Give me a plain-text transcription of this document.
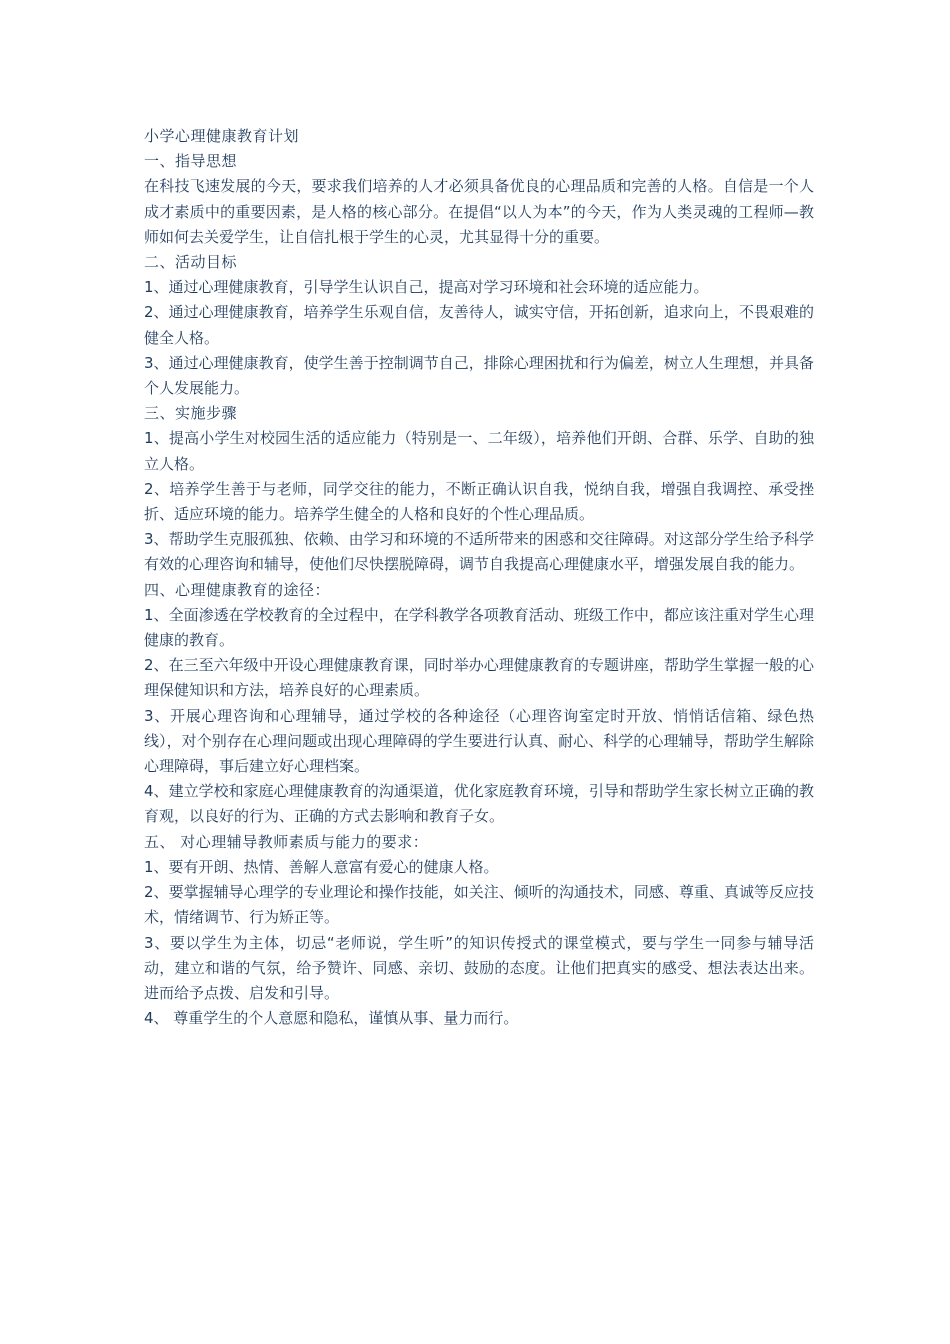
小学心理健康教育计划

一、指导思想

在科技飞速发展的今天，要求我们培养的人才必须具备优良的心理品质和完善的人格。自信是一个人成才素质中的重要因素，是人格的核心部分。在提倡“以人为本”的今天，作为人类灵魂的工程师—教师如何去关爱学生，让自信扎根于学生的心灵，尤其显得十分的重要。

二、活动目标

1、通过心理健康教育，引导学生认识自己，提高对学习环境和社会环境的适应能力。

2、通过心理健康教育，培养学生乐观自信，友善待人，诚实守信，开拓创新，追求向上，不畏艰难的健全人格。

3、通过心理健康教育，使学生善于控制调节自己，排除心理困扰和行为偏差，树立人生理想，并具备个人发展能力。

三、实施步骤

1、提高小学生对校园生活的适应能力（特别是一、二年级），培养他们开朗、合群、乐学、自助的独立人格。

2、培养学生善于与老师，同学交往的能力，不断正确认识自我，悦纳自我，增强自我调控、承受挫折、适应环境的能力。培养学生健全的人格和良好的个性心理品质。

3、帮助学生克服孤独、依赖、由学习和环境的不适所带来的困惑和交往障碍。对这部分学生给予科学有效的心理咨询和辅导，使他们尽快摆脱障碍，调节自我提高心理健康水平，增强发展自我的能力。

四、心理健康教育的途径：

1、全面渗透在学校教育的全过程中，在学科教学各项教育活动、班级工作中，都应该注重对学生心理健康的教育。

2、在三至六年级中开设心理健康教育课，同时举办心理健康教育的专题讲座，帮助学生掌握一般的心理保健知识和方法，培养良好的心理素质。

3、开展心理咨询和心理辅导，通过学校的各种途径（心理咨询室定时开放、悄悄话信箱、绿色热线），对个别存在心理问题或出现心理障碍的学生要进行认真、耐心、科学的心理辅导，帮助学生解除心理障碍，事后建立好心理档案。

4、建立学校和家庭心理健康教育的沟通渠道，优化家庭教育环境，引导和帮助学生家长树立正确的教育观，以良好的行为、正确的方式去影响和教育子女。

五、 对心理辅导教师素质与能力的要求：

1、要有开朗、热情、善解人意富有爱心的健康人格。

2、要掌握辅导心理学的专业理论和操作技能，如关注、倾听的沟通技术，同感、尊重、真诚等反应技术，情绪调节、行为矫正等。

3、要以学生为主体，切忌“老师说，学生听”的知识传授式的课堂模式，要与学生一同参与辅导活动，建立和谐的气氛，给予赞许、同感、亲切、鼓励的态度。让他们把真实的感受、想法表达出来。进而给予点拨、启发和引导。

4、 尊重学生的个人意愿和隐私，谨慎从事、量力而行。
